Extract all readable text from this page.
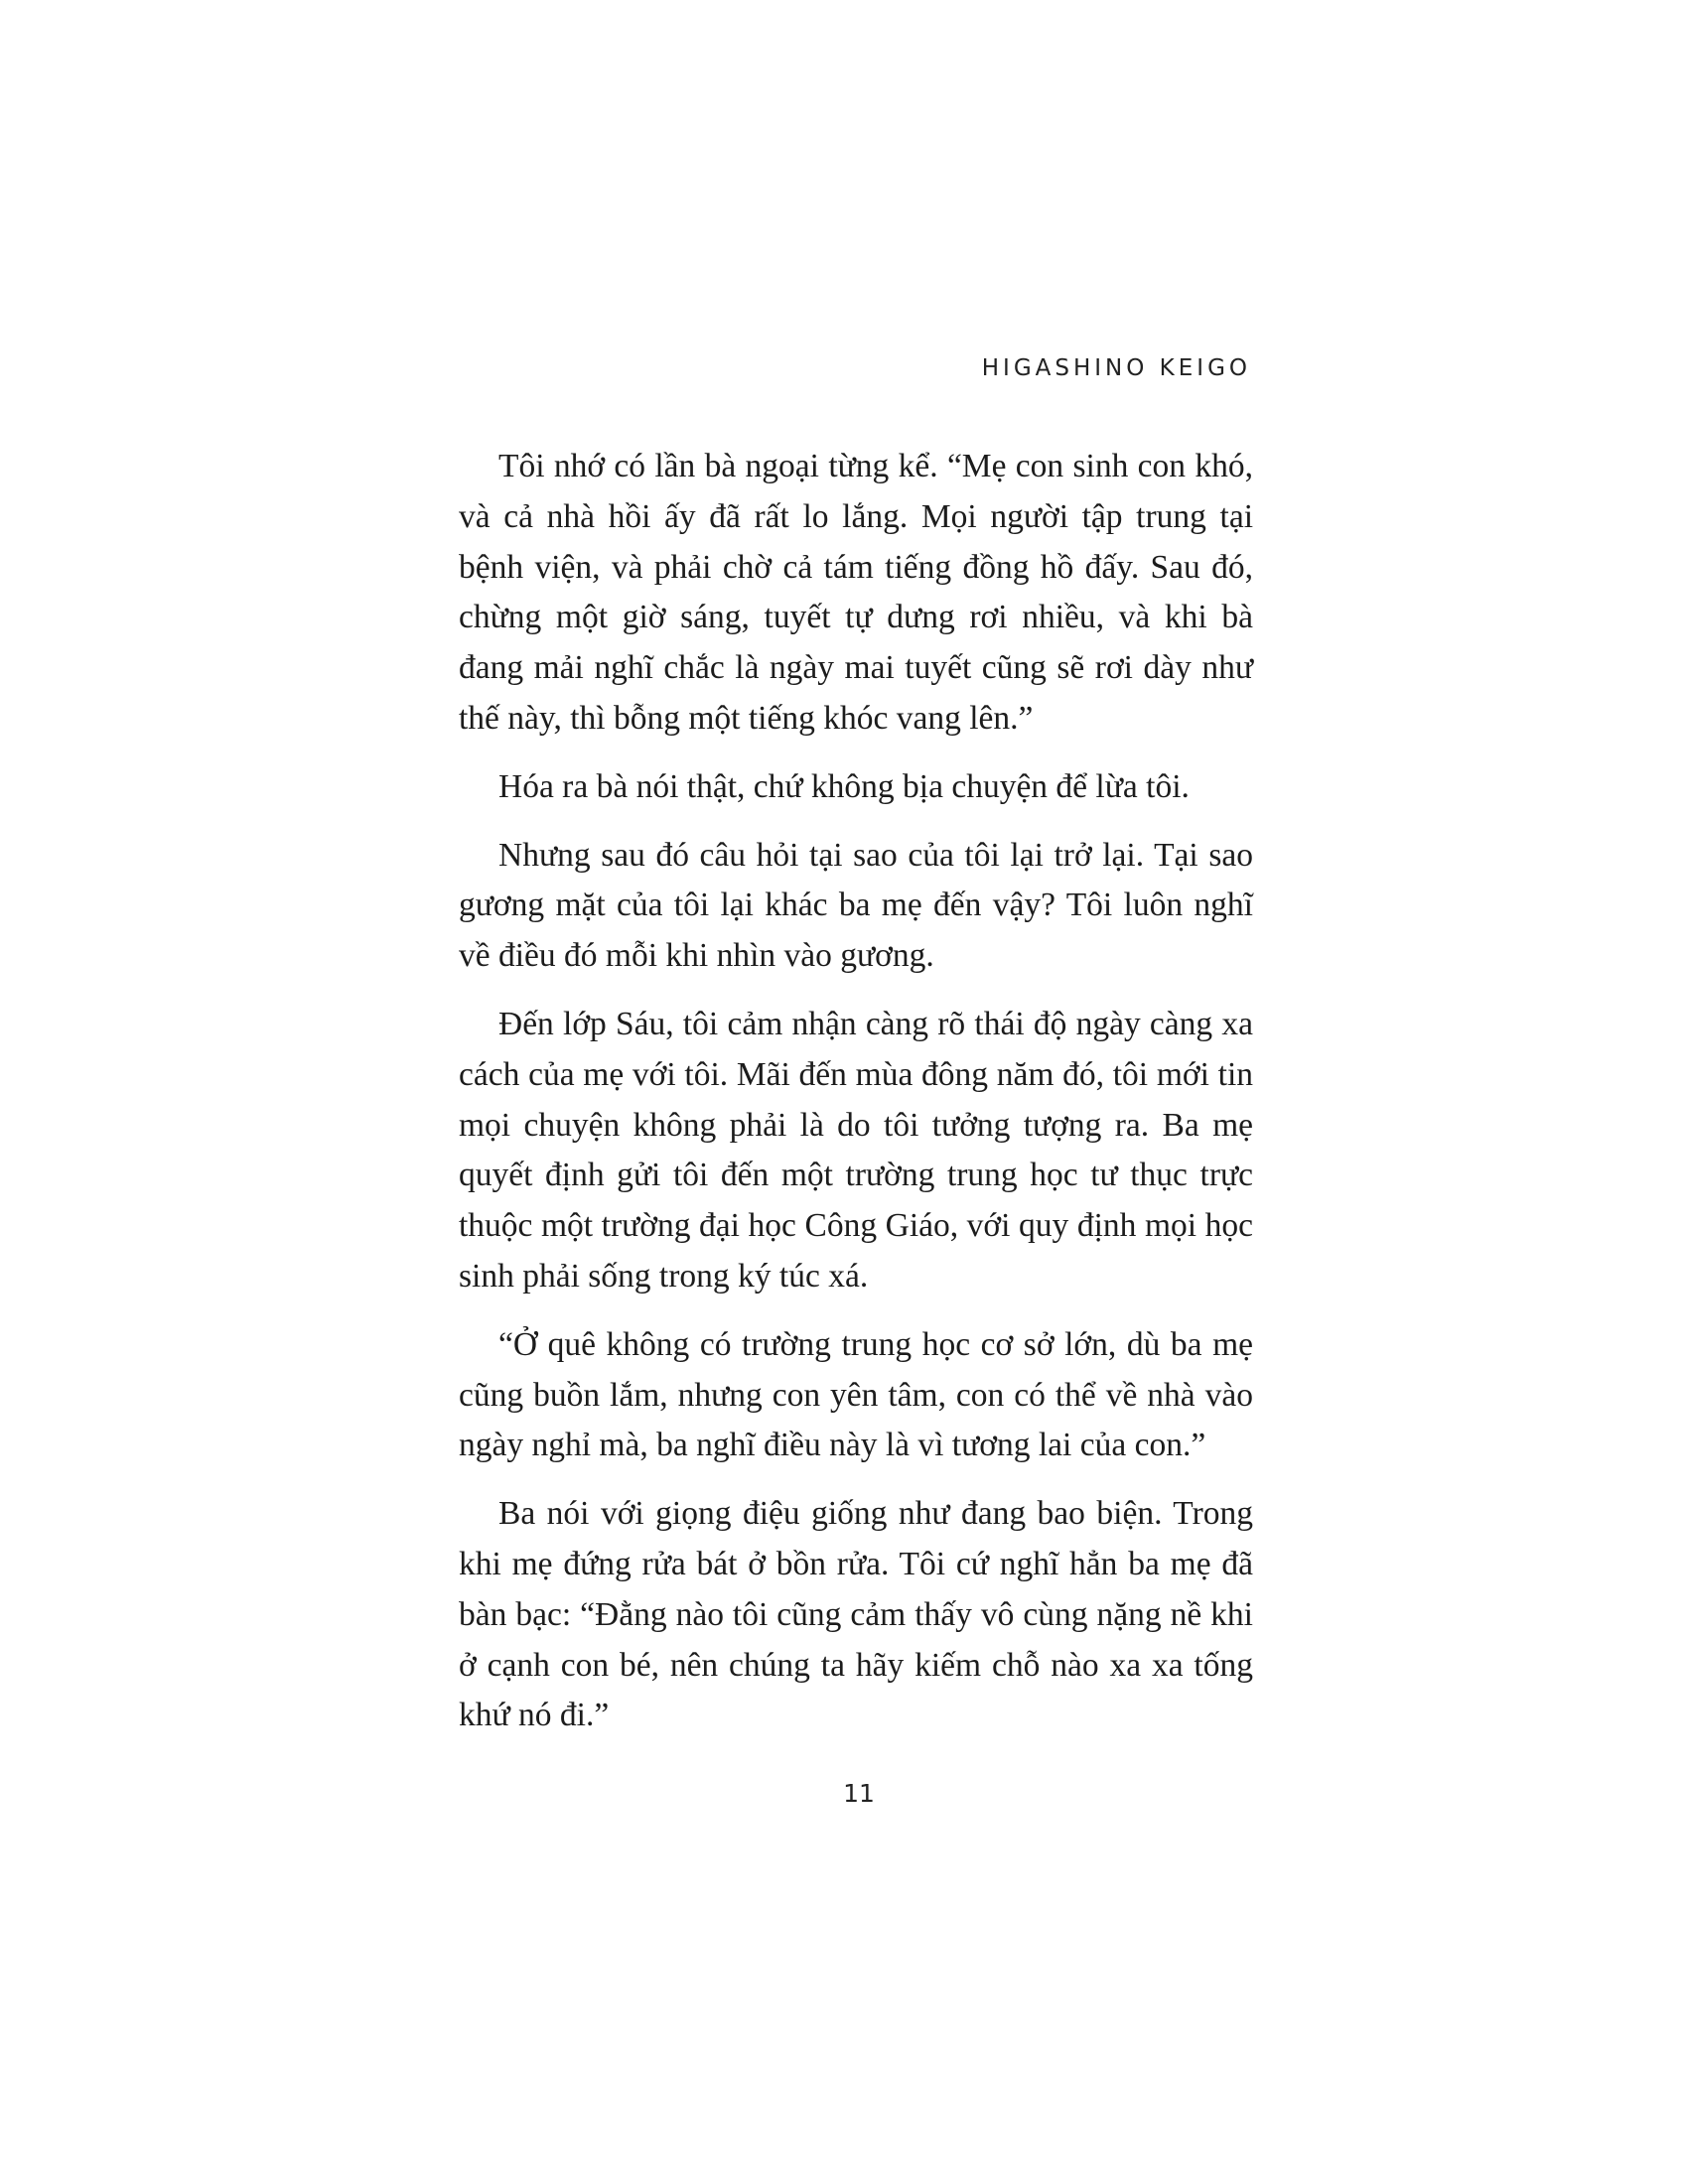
HIGASHINO KEIGO

Tôi nhớ có lần bà ngoại từng kể. “Mẹ con sinh con khó, và cả nhà hồi ấy đã rất lo lắng. Mọi người tập trung tại bệnh viện, và phải chờ cả tám tiếng đồng hồ đấy. Sau đó, chừng một giờ sáng, tuyết tự dưng rơi nhiều, và khi bà đang mải nghĩ chắc là ngày mai tuyết cũng sẽ rơi dày như thế này, thì bỗng một tiếng khóc vang lên.”

Hóa ra bà nói thật, chứ không bịa chuyện để lừa tôi.

Nhưng sau đó câu hỏi tại sao của tôi lại trở lại. Tại sao gương mặt của tôi lại khác ba mẹ đến vậy? Tôi luôn nghĩ về điều đó mỗi khi nhìn vào gương.

Đến lớp Sáu, tôi cảm nhận càng rõ thái độ ngày càng xa cách của mẹ với tôi. Mãi đến mùa đông năm đó, tôi mới tin mọi chuyện không phải là do tôi tưởng tượng ra. Ba mẹ quyết định gửi tôi đến một trường trung học tư thục trực thuộc một trường đại học Công Giáo, với quy định mọi học sinh phải sống trong ký túc xá.

“Ở quê không có trường trung học cơ sở lớn, dù ba mẹ cũng buồn lắm, nhưng con yên tâm, con có thể về nhà vào ngày nghỉ mà, ba nghĩ điều này là vì tương lai của con.”

Ba nói với giọng điệu giống như đang bao biện. Trong khi mẹ đứng rửa bát ở bồn rửa. Tôi cứ nghĩ hẳn ba mẹ đã bàn bạc: “Đằng nào tôi cũng cảm thấy vô cùng nặng nề khi ở cạnh con bé, nên chúng ta hãy kiếm chỗ nào xa xa tống khứ nó đi.”

11
